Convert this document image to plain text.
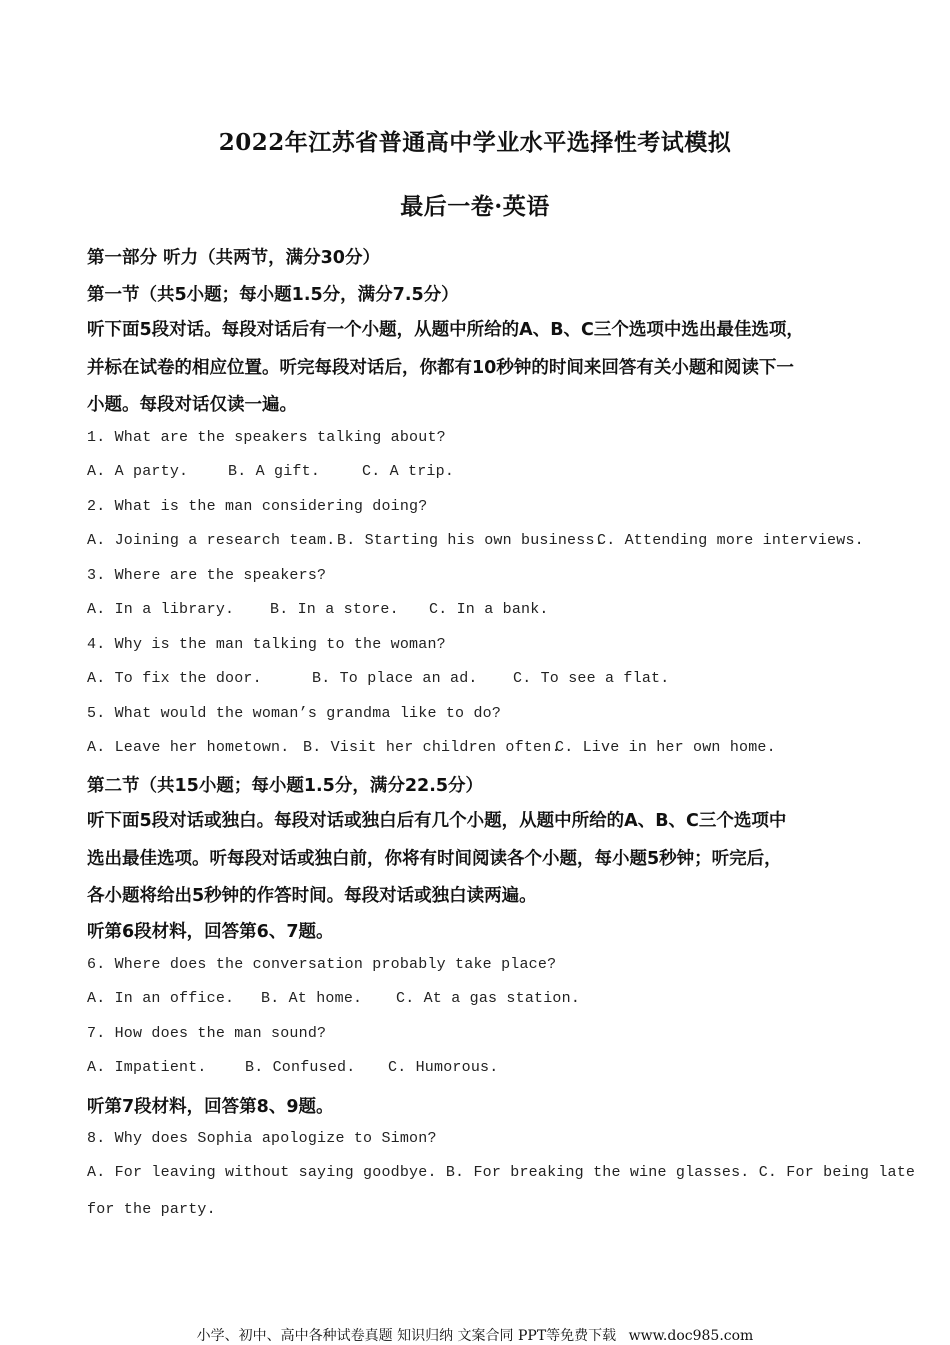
2022年江苏省普通高中学业水平选择性考试模拟
最后一卷·英语
第一部分 听力（共两节，满分30分）
第一节（共5小题；每小题1.5分，满分7.5分）
听下面5段对话。每段对话后有一个小题，从题中所给的A、B、C三个选项中选出最佳选项，
并标在试卷的相应位置。听完每段对话后，你都有10秒钟的时间来回答有关小题和阅读下一
小题。每段对话仅读一遍。
1. What are the speakers talking about?
A. A party.	B. A gift.	C. A trip.
2. What is the man considering doing?
A. Joining a research team. B. Starting his own business.C. Attending more interviews.
3. Where are the speakers?
A. In a library. B. In a store. C. In a bank.
4. Why is the man talking to the woman?
A. To fix the door.	B. To place an ad. C. To see a flat.
5. What would the woman’s grandma like to do?
A. Leave her hometown. B. Visit her children often.C. Live in her own home.
第二节（共15小题；每小题1.5分，满分22.5分）
听下面5段对话或独白。每段对话或独白后有几个小题，从题中所给的A、B、C三个选项中
选出最佳选项。听每段对话或独白前，你将有时间阅读各个小题，每小题5秒钟；听完后，
各小题将给出5秒钟的作答时间。每段对话或独白读两遍。
听第6段材料，回答第6、7题。
6. Where does the conversation probably take place?
A. In an office. B. At home. C. At a gas station.
7. How does the man sound?
A. Impatient.	B. Confused. C. Humorous.
听第7段材料，回答第8、9题。
8. Why does Sophia apologize to Simon?
A. For leaving without saying goodbye. B. For breaking the wine glasses. C. For being late
for the party.
小学、初中、高中各种试卷真题 知识归纳 文案合同 PPT等免费下载 www.doc985.com
